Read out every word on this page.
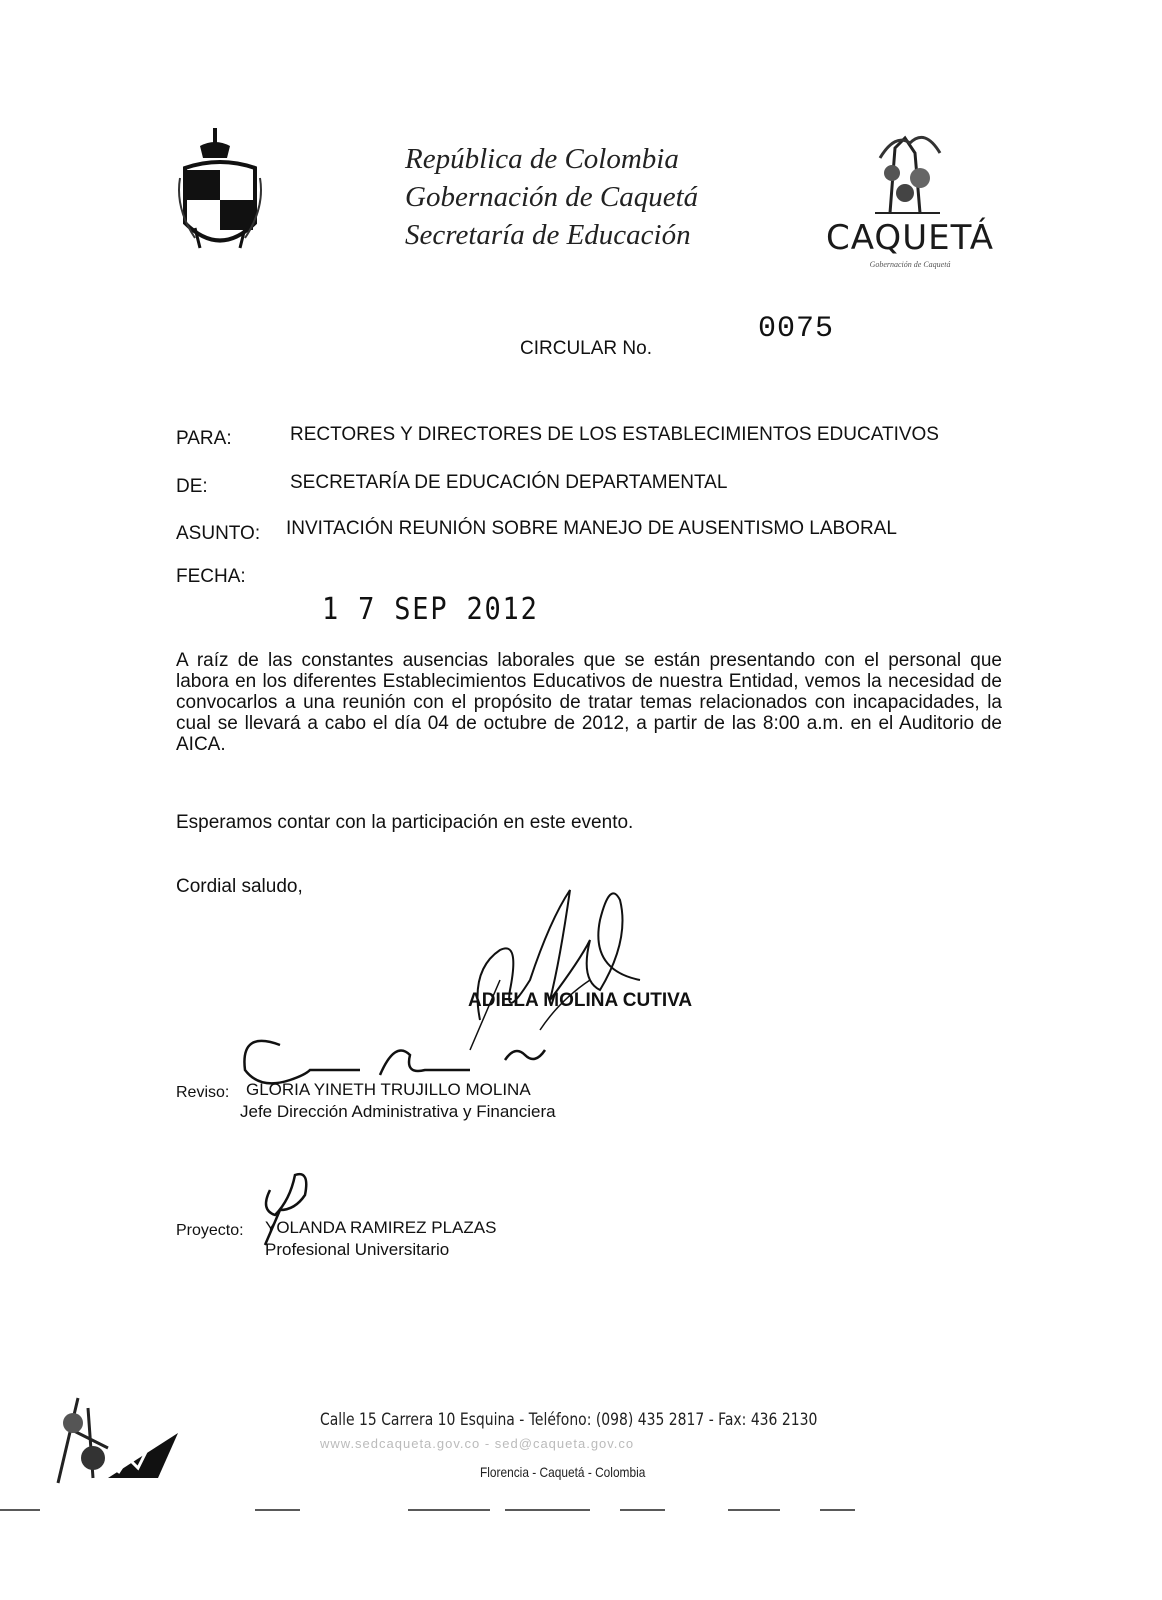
República de Colombia
Gobernación de Caquetá
Secretaría de Educación	CAQUETÁ
Gobernación de Caquetá
CIRCULAR No.
0075
PARA:	RECTORES Y DIRECTORES DE LOS ESTABLECIMIENTOS EDUCATIVOS
DE:	SECRETARÍA DE EDUCACIÓN DEPARTAMENTAL
ASUNTO: INVITACIÓN REUNIÓN SOBRE MANEJO DE AUSENTISMO LABORAL
FECHA:
1 7 SEP 2012
A raíz de las constantes ausencias laborales que se están presentando con el personal que labora en los diferentes Establecimientos Educativos de nuestra Entidad, vemos la necesidad de convocarlos a una reunión con el propósito de tratar temas relacionados con incapacidades, la cual se llevará a cabo el día 04 de octubre de 2012, a partir de las 8:00 a.m. en el Auditorio de AICA.
Esperamos contar con la participación en este evento.
Cordial saludo,
ADIELA MOLINA CUTIVA
Reviso: GLORIA YINETH TRUJILLO MOLINA
Jefe Dirección Administrativa y Financiera
Proyecto: YOLANDA RAMIREZ PLAZAS
Profesional Universitario
Calle 15 Carrera 10 Esquina - Teléfono: (098) 435 2817 - Fax: 436 2130
www.sedcaqueta.gov.co - sed@caqueta.gov.co
Florencia - Caquetá - Colombia
